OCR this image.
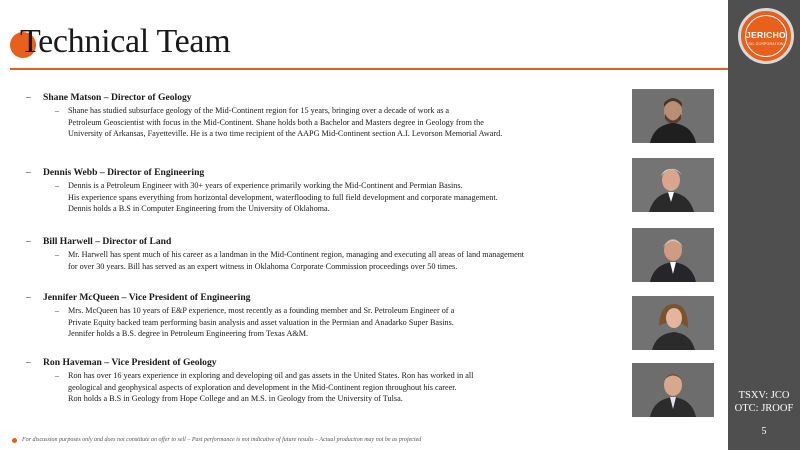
Technical Team
– Shane Matson – Director of Geology
– Shane has studied subsurface geology of the Mid-Continent region for 15 years, bringing over a decade of work as a

Petroleum Geoscientist with focus in the Mid-Continent. Shane holds both a Bachelor and Masters degree in Geology from the

University of Arkansas, Fayetteville. He is a two time recipient of the AAPG Mid-Continent section A.I. Levorson Memorial Award.

– Dennis Webb – Director of Engineering
– Dennis is a Petroleum Engineer with 30+ years of experience primarily working the Mid-Continent and Permian Basins.

His experience spans everything from horizontal development, waterflooding to full field development and corporate management.

Dennis holds a B.S in Computer Engineering from the University of Oklahoma.

– Bill Harwell – Director of Land
– Mr. Harwell has spent much of his career as a landman in the Mid-Continent region, managing and executing all areas of land management

for over 30 years. Bill has served as an expert witness in Oklahoma Corporate Commission proceedings over 50 times.

– Jennifer McQueen – Vice President of Engineering
– Mrs. McQueen has 10 years of E&P experience, most recently as a founding member and Sr. Petroleum Engineer of a

Private Equity backed team performing basin analysis and asset valuation in the Permian and Anadarko Super Basins.

Jennifer holds a B.S. degree in Petroleum Engineering from Texas A&M.

– Ron Haveman – Vice President of Geology
– Ron has over 16 years experience in exploring and developing oil and gas assets in the United States. Ron has worked in all

geological and geophysical aspects of exploration and development in the Mid-Continent region throughout his career.

Ron holds a B.S in Geology from Hope College and an M.S. in Geology from the University of Tulsa.

For discussion purposes only and does not constitute an offer to sell – Past performance is not indicative of future results – Actual production may not be as projected
JERICHO
OIL CORPORATION
TSXV: JCO
OTC: JROOF
5
